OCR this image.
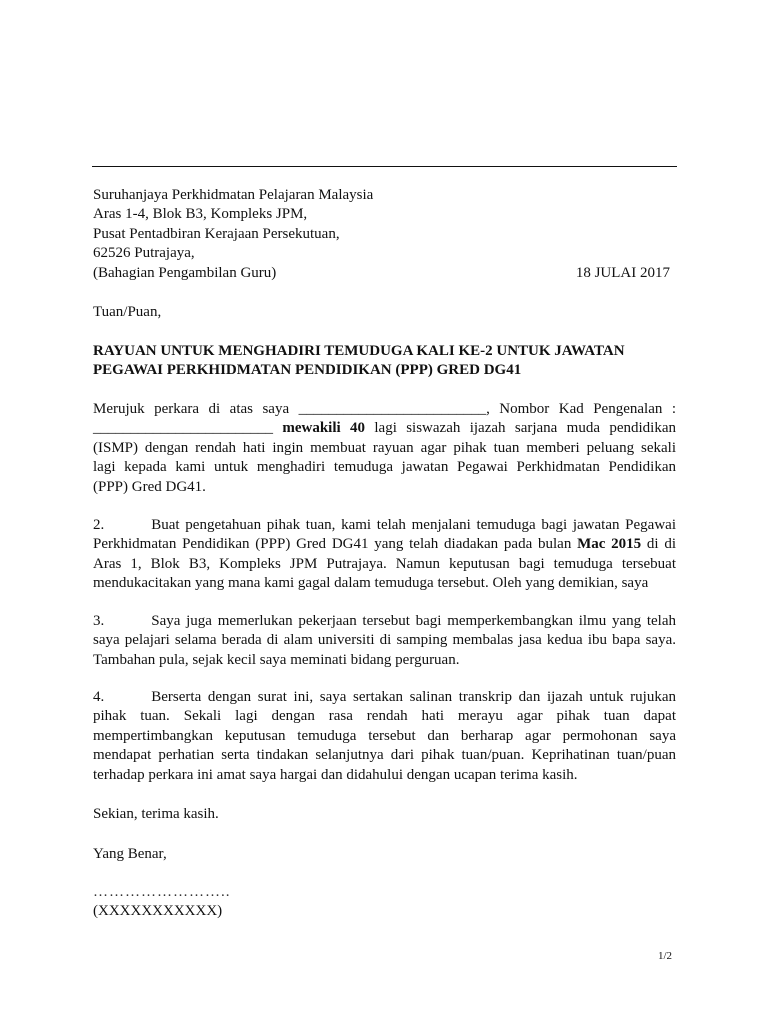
Suruhanjaya Perkhidmatan Pelajaran Malaysia
Aras 1-4, Blok B3, Kompleks JPM,
Pusat Pentadbiran Kerajaan Persekutuan,
62526 Putrajaya,
(Bahagian Pengambilan Guru)	18 JULAI 2017
Tuan/Puan,
RAYUAN UNTUK MENGHADIRI TEMUDUGA KALI KE-2 UNTUK JAWATAN
PEGAWAI PERKHIDMATAN PENDIDIKAN (PPP) GRED DG41
Merujuk perkara di atas saya _________________________, Nombor Kad Pengenalan :
________________________ mewakili 40 lagi siswazah ijazah sarjana muda pendidikan
(ISMP) dengan rendah hati ingin membuat rayuan agar pihak tuan memberi peluang sekali
lagi kepada kami untuk menghadiri temuduga jawatan Pegawai Perkhidmatan Pendidikan
(PPP) Gred DG41.
2.	Buat pengetahuan pihak tuan, kami telah menjalani temuduga bagi jawatan Pegawai
Perkhidmatan Pendidikan (PPP) Gred DG41 yang telah diadakan pada bulan Mac 2015 di di
Aras 1, Blok B3, Kompleks JPM Putrajaya. Namun keputusan bagi temuduga tersebuat
mendukacitakan yang mana kami gagal dalam temuduga tersebut. Oleh yang demikian, saya
3.	Saya juga memerlukan pekerjaan tersebut bagi memperkembangkan ilmu yang telah
saya pelajari selama berada di alam universiti di samping membalas jasa kedua ibu bapa saya.
Tambahan pula, sejak kecil saya meminati bidang perguruan.
4.	Berserta dengan surat ini, saya sertakan salinan transkrip dan ijazah untuk rujukan
pihak tuan. Sekali lagi dengan rasa rendah hati merayu agar pihak tuan dapat
mempertimbangkan keputusan temuduga tersebut dan berharap agar permohonan saya
mendapat perhatian serta tindakan selanjutnya dari pihak tuan/puan. Keprihatinan tuan/puan
terhadap perkara ini amat saya hargai dan didahului dengan ucapan terima kasih.
Sekian, terima kasih.
Yang Benar,
……………………..
(XXXXXXXXXXX)
1/2
